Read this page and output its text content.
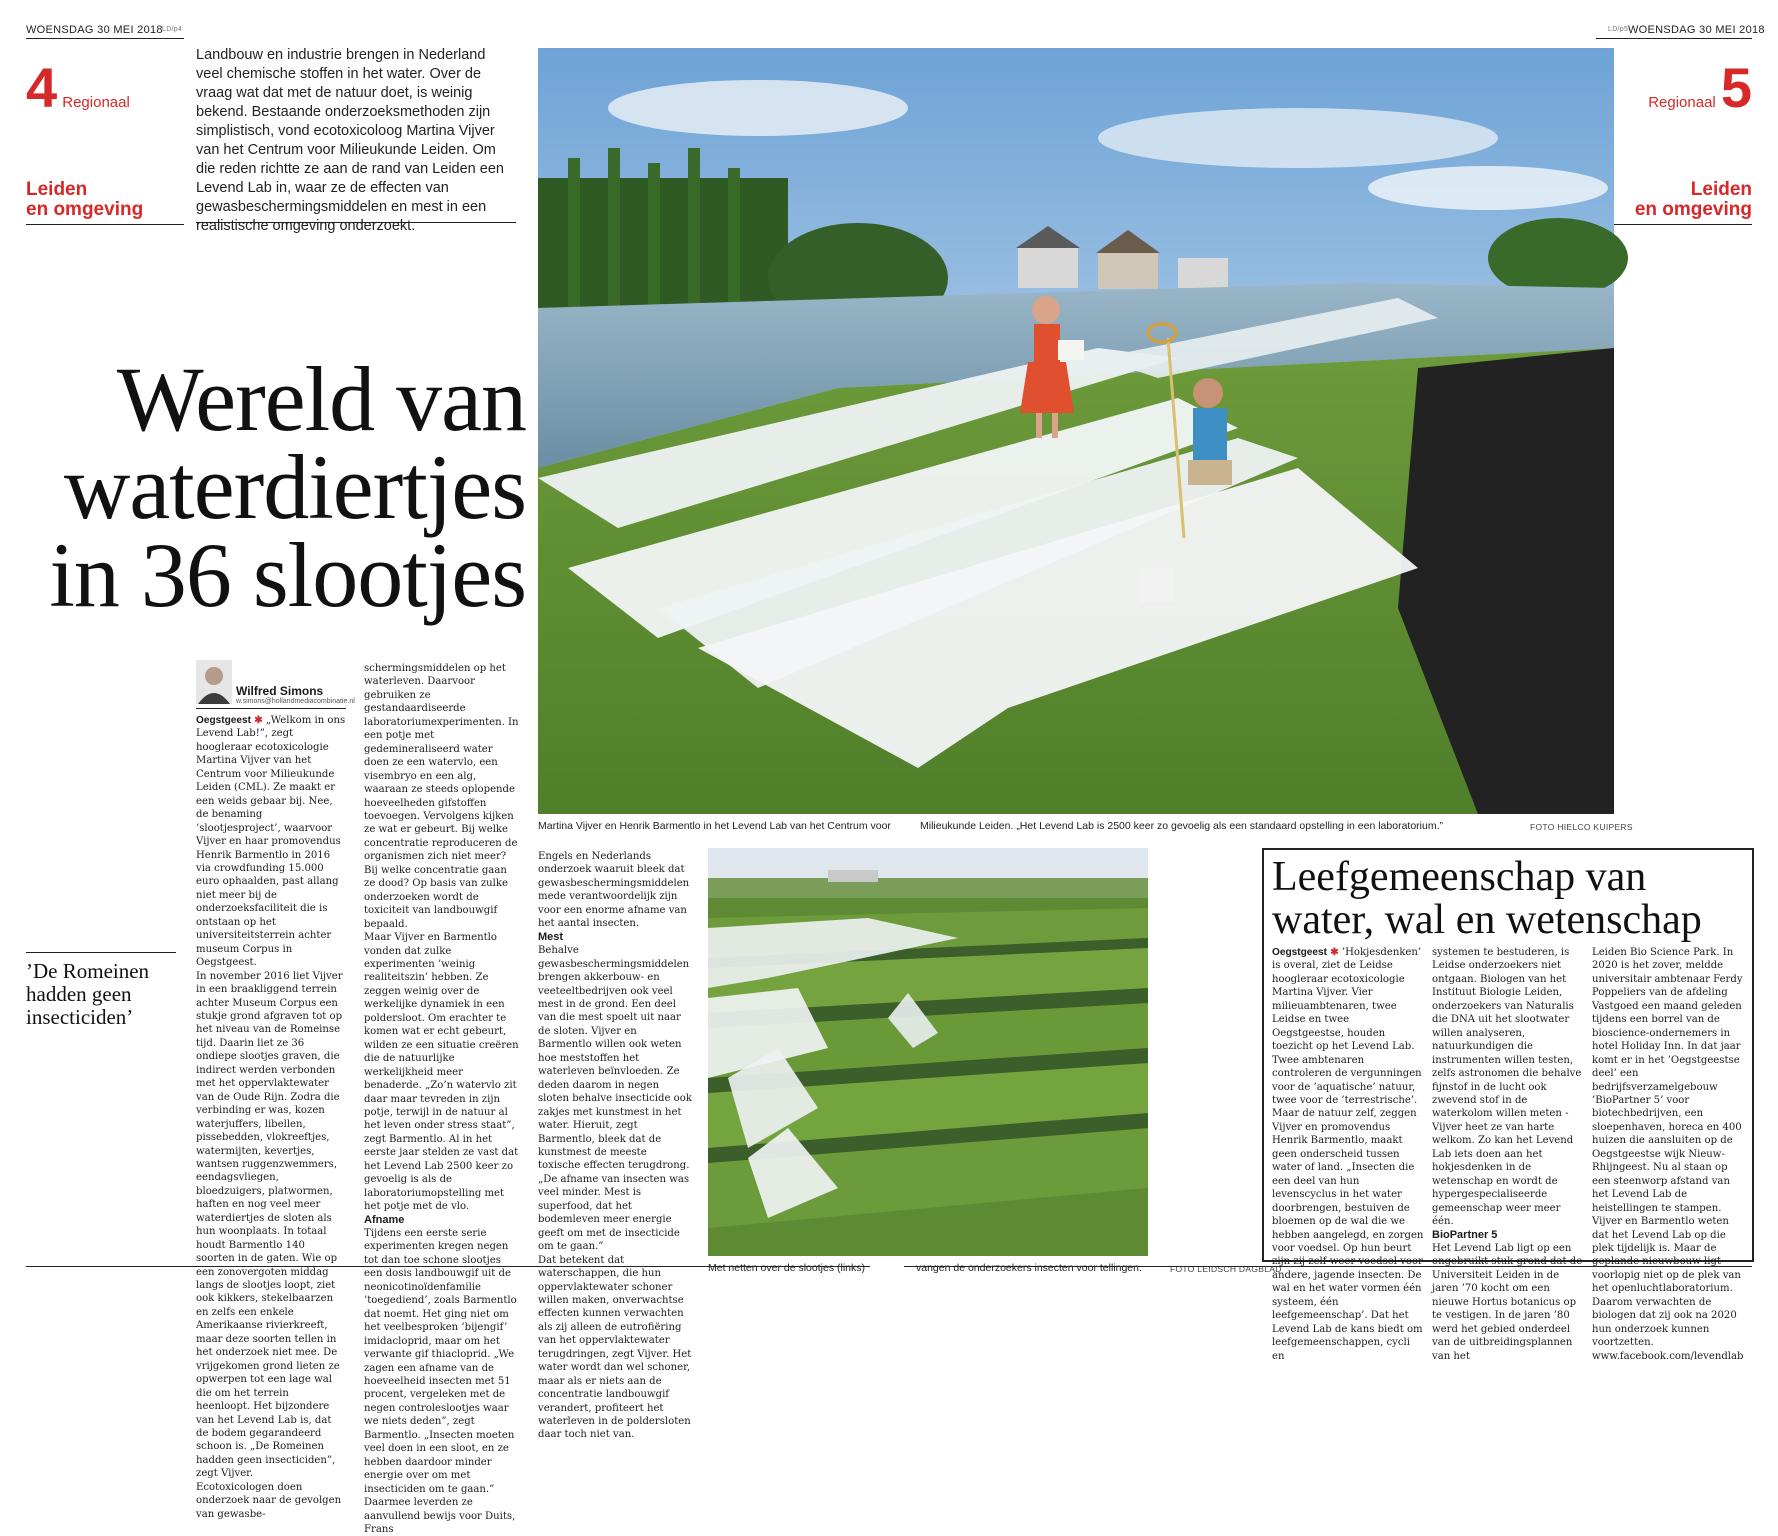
WOENSDAG 30 MEI 2018 LD/p4	LD/p5 WOENSDAG 30 MEI 2018
4 Regionaal
Leiden
en omgeving
Regionaal 5
Leiden
en omgeving
Landbouw en industrie brengen in Nederland veel chemische stoffen in het water. Over de vraag wat dat met de natuur doet, is weinig bekend. Bestaande onderzoeksmethoden zijn simplistisch, vond ecotoxicoloog Martina Vijver van het Centrum voor Milieukunde Leiden. Om die reden richtte ze aan de rand van Leiden een Levend Lab in, waar ze de effecten van gewasbeschermingsmiddelen en mest in een realistische omgeving onderzoekt.
Wereld van
waterdiertjes
in 36 slootjes
’De Romeinen hadden geen insecticiden’
Martina Vijver en Henrik Barmentlo in het Levend Lab van het Centrum voor	Milieukunde Leiden. „Het Levend Lab is 2500 keer zo gevoelig als een standaard opstelling in een laboratorium.”	FOTO HIELCO KUIPERS
Wilfred Simons
w.simons@hollandmediacombinatie.nl

Oegstgeest ✱ „Welkom in ons Levend Lab!”, zegt hoogleraar ecotoxicologie Martina Vijver van het Centrum voor Milieukunde Leiden (CML). Ze maakt er een weids gebaar bij. Nee, de benaming ’slootjesproject’, waarvoor Vijver en haar promovendus Henrik Barmentlo in 2016 via crowdfunding 15.000 euro ophaalden, past allang niet meer bij de onderzoeksfaciliteit die is ontstaan op het universiteitsterrein achter museum Corpus in Oegstgeest.

In november 2016 liet Vijver in een braakliggend terrein achter Museum Corpus een stukje grond afgraven tot op het niveau van de Romeinse tijd. Daarin liet ze 36 ondiepe slootjes graven, die indirect werden verbonden met het oppervlaktewater van de Oude Rijn. Zodra die verbinding er was, kozen waterjuffers, libellen, pissebedden, vlokreeftjes, watermijten, kevertjes, wantsen ruggenzwemmers, eendagsvliegen, bloedzuigers, platwormen, haften en nog veel meer waterdiertjes de sloten als hun woonplaats. In totaal houdt Barmentlo 140 soorten in de gaten. Wie op een zonovergoten middag langs de slootjes loopt, ziet ook kikkers, stekelbaarzen en zelfs een enkele Amerikaanse rivierkreeft, maar deze soorten tellen in het onderzoek niet mee. De vrijgekomen grond lieten ze opwerpen tot een lage wal die om het terrein heenloopt. Het bijzondere van het Levend Lab is, dat de bodem gegarandeerd schoon is. „De Romeinen hadden geen insecticiden”, zegt Vijver.

Ecotoxicologen doen onderzoek naar de gevolgen van gewasbe-

schermingsmiddelen op het waterleven. Daarvoor gebruiken ze gestandaardiseerde laboratoriumexperimenten. In een potje met gedemineraliseerd water doen ze een watervlo, een visembryo en een alg, waaraan ze steeds oplopende hoeveelheden gifstoffen toevoegen. Vervolgens kijken ze wat er gebeurt. Bij welke concentratie reproduceren de organismen zich niet meer? Bij welke concentratie gaan ze dood? Op basis van zulke onderzoeken wordt de toxiciteit van landbouwgif bepaald.

Maar Vijver en Barmentlo vonden dat zulke experimenten ’weinig realiteitszin’ hebben. Ze zeggen weinig over de werkelijke dynamiek in een poldersloot. Om erachter te komen wat er echt gebeurt, wilden ze een situatie creëren die de natuurlijke werkelijkheid meer benaderde. „Zo’n watervlo zit daar maar tevreden in zijn potje, terwijl in de natuur al het leven onder stress staat”, zegt Barmentlo. Al in het eerste jaar stelden ze vast dat het Levend Lab 2500 keer zo gevoelig is als de laboratoriumopstelling met het potje met de vlo.

Afname

Tijdens een eerste serie experimenten kregen negen tot dan toe schone slootjes een dosis landbouwgif uit de neonicotinoïdenfamilie ’toegediend’, zoals Barmentlo dat noemt. Het ging niet om het veelbesproken ’bijengif’ imidacloprid, maar om het verwante gif thiacloprid. „We zagen een afname van de hoeveelheid insecten met 51 procent, vergeleken met de negen controleslootjes waar we niets deden”, zegt Barmentlo. „Insecten moeten veel doen in een sloot, en ze hebben daardoor minder energie over om met insecticiden om te gaan.” Daarmee leverden ze aanvullend bewijs voor Duits, Frans

Engels en Nederlands onderzoek waaruit bleek dat gewasbeschermingsmiddelen mede verantwoordelijk zijn voor een enorme afname van het aantal insecten.

Mest

Behalve gewasbeschermingsmiddelen brengen akkerbouw- en veeteeltbedrijven ook veel mest in de grond. Een deel van die mest spoelt uit naar de sloten. Vijver en Barmentlo willen ook weten hoe meststoffen het waterleven beïnvloeden. Ze deden daarom in negen sloten behalve insecticide ook zakjes met kunstmest in het water. Hieruit, zegt Barmentlo, bleek dat de kunstmest de meeste toxische effecten terugdrong. „De afname van insecten was veel minder. Mest is superfood, dat het bodemleven meer energie geeft om met de insecticide om te gaan.”

Dat betekent dat waterschappen, die hun oppervlaktewater schoner willen maken, onverwachtse effecten kunnen verwachten als zij alleen de eutrofiëring van het oppervlaktewater terugdringen, zegt Vijver. Het water wordt dan wel schoner, maar als er niets aan de concentratie landbouwgif verandert, profiteert het waterleven in de poldersloten daar toch niet van.

Met netten over de slootjes (links)	vangen de onderzoekers insecten voor tellingen.	FOTO LEIDSCH DAGBLAD
Leefgemeenschap van
water, wal en wetenschap

Oegstgeest ✱ ’Hokjesdenken’ is overal, ziet de Leidse hoogleraar ecotoxicologie Martina Vijver. Vier milieuambtenaren, twee Leidse en twee Oegstgeestse, houden toezicht op het Levend Lab. Twee ambtenaren controleren de vergunningen voor de ’aquatische’ natuur, twee voor de ’terrestrische’.

Maar de natuur zelf, zeggen Vijver en promovendus Henrik Barmentlo, maakt geen onderscheid tussen water of land. „Insecten die een deel van hun levenscyclus in het water doorbrengen, bestuiven de bloemen op de wal die we hebben aangelegd, en zorgen voor voedsel. Op hun beurt zijn zij zelf weer voedsel voor andere, jagende insecten. De wal en het water vormen één systeem, één leefgemeenschap’. Dat het Levend Lab de kans biedt om leefgemeenschappen, cycli en

systemen te bestuderen, is Leidse onderzoekers niet ontgaan. Biologen van het Instituut Biologie Leiden, onderzoekers van Naturalis die DNA uit het slootwater willen analyseren, natuurkundigen die instrumenten willen testen, zelfs astronomen die behalve fijnstof in de lucht ook zwevend stof in de waterkolom willen meten - Vijver heet ze van harte welkom. Zo kan het Levend Lab iets doen aan het hokjesdenken in de wetenschap en wordt de hypergespecialiseerde gemeenschap weer meer één.

BioPartner 5

Het Levend Lab ligt op een ongebruikt stuk grond dat de Universiteit Leiden in de jaren ’70 kocht om een nieuwe Hortus botanicus op te vestigen. In de jaren ’80 werd het gebied onderdeel van de uitbreidingsplannen van het

Leiden Bio Science Park. In 2020 is het zover, meldde universitair ambtenaar Ferdy Poppeliers van de afdeling Vastgoed een maand geleden tijdens een borrel van de bioscience-ondernemers in hotel Holiday Inn. In dat jaar komt er in het ’Oegstgeestse deel’ een bedrijfsverzamelgebouw ’BioPartner 5’ voor biotechbedrijven, een sloepenhaven, horeca en 400 huizen die aansluiten op de Oegstgeestse wijk Nieuw-Rhijngeest. Nu al staan op een steenworp afstand van het Levend Lab de heistellingen te stampen.

Vijver en Barmentlo weten dat het Levend Lab op die plek tijdelijk is. Maar de geplande nieuwbouw ligt voorlopig niet op de plek van het openluchtlaboratorium. Daarom verwachten de biologen dat zij ook na 2020 hun onderzoek kunnen voortzetten.

www.facebook.com/levendlab
